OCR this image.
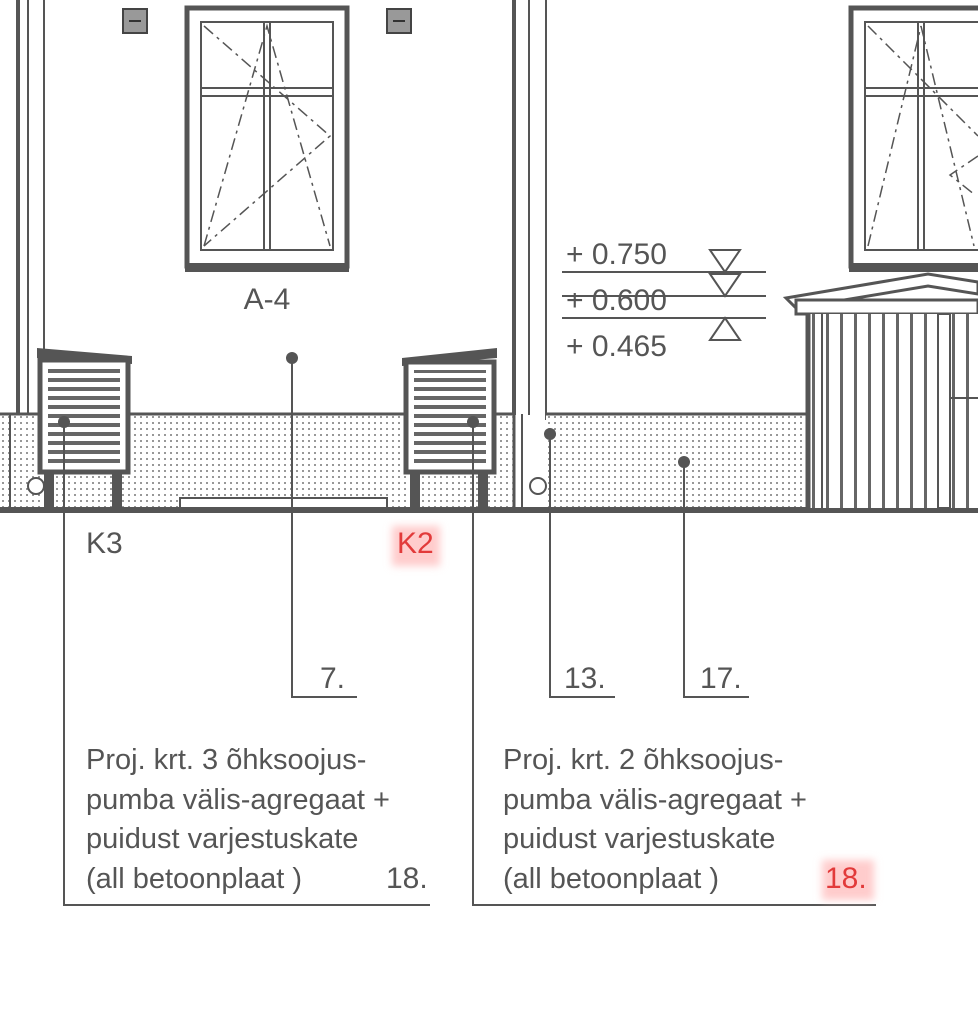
A-4
+ 0.750
+ 0.600
+ 0.465
K3	K2
7.	13.	17.
Proj. krt. 3 õhksoojus-
pumba välis-agregaat +
puidust varjestuskate
(all betoonplaat )	18.
Proj. krt. 2 õhksoojus-
pumba välis-agregaat +
puidust varjestuskate
(all betoonplaat )	18.
